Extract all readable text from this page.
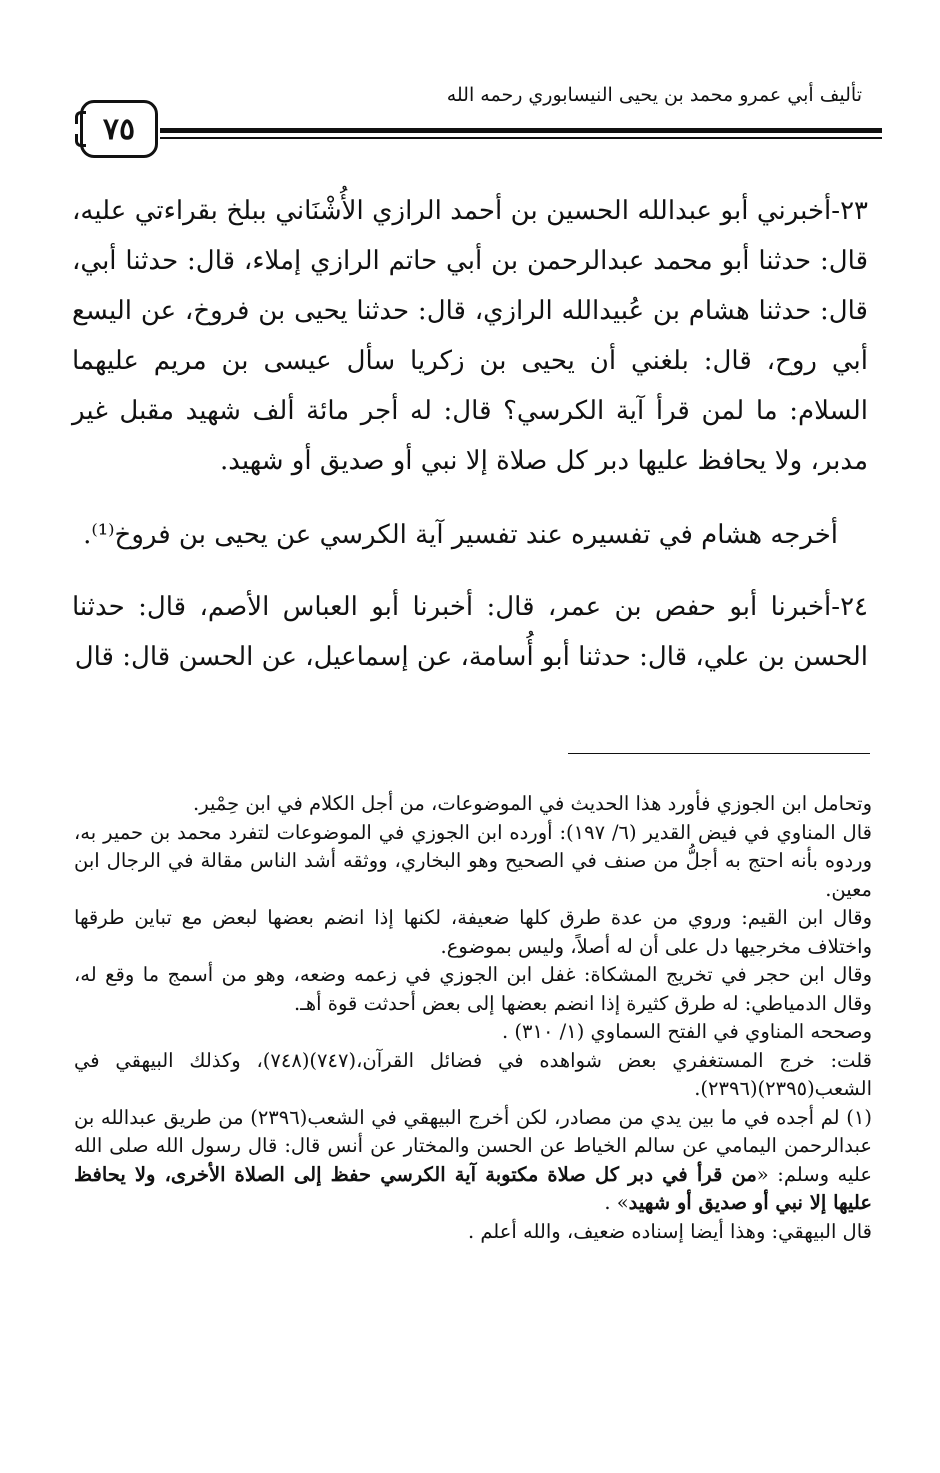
تأليف أبي عمرو محمد بن يحيى النيسابوري رحمه الله
٧٥

٢٣-أخبرني أبو عبدالله الحسين بن أحمد الرازي الأُشْنَاني ببلخ بقراءتي عليه، قال: حدثنا أبو محمد عبدالرحمن بن أبي حاتم الرازي إملاء، قال: حدثنا أبي، قال: حدثنا هشام بن عُبيدالله الرازي، قال: حدثنا يحيى بن فروخ، عن اليسع أبي روح، قال: بلغني أن يحيى بن زكريا سأل عيسى بن مريم عليهما السلام: ما لمن قرأ آية الكرسي؟ قال: له أجر مائة ألف شهيد مقبل غير مدبر، ولا يحافظ عليها دبر كل صلاة إلا نبي أو صديق أو شهيد.

أخرجه هشام في تفسيره عند تفسير آية الكرسي عن يحيى بن فروخ⁽¹⁾.

٢٤-أخبرنا أبو حفص بن عمر، قال: أخبرنا أبو العباس الأصم، قال: حدثنا الحسن بن علي، قال: حدثنا أبو أُسامة، عن إسماعيل، عن الحسن قال: قال

وتحامل ابن الجوزي فأورد هذا الحديث في الموضوعات، من أجل الكلام في ابن حِمْير.

قال المناوي في فيض القدير (٦/ ١٩٧): أورده ابن الجوزي في الموضوعات لتفرد محمد بن حمير به، وردوه بأنه احتج به أجلُّ من صنف في الصحيح وهو البخاري، ووثقه أشد الناس مقالة في الرجال ابن معين.

وقال ابن القيم: وروي من عدة طرق كلها ضعيفة، لكنها إذا انضم بعضها لبعض مع تباين طرقها واختلاف مخرجيها دل على أن له أصلاً، وليس بموضوع.

وقال ابن حجر في تخريج المشكاة: غفل ابن الجوزي في زعمه وضعه، وهو من أسمج ما وقع له، وقال الدمياطي: له طرق كثيرة إذا انضم بعضها إلى بعض أحدثت قوة أهـ.

وصححه المناوي في الفتح السماوي (١/ ٣١٠) .

قلت: خرج المستغفري بعض شواهده في فضائل القرآن،(٧٤٧)(٧٤٨)، وكذلك البيهقي في الشعب(٢٣٩٥)(٢٣٩٦).

(١) لم أجده في ما بين يدي من مصادر، لكن أخرج البيهقي في الشعب(٢٣٩٦) من طريق عبدالله بن عبدالرحمن اليمامي عن سالم الخياط عن الحسن والمختار عن أنس قال: قال رسول الله صلى الله عليه وسلم: «من قرأ في دبر كل صلاة مكتوبة آية الكرسي حفظ إلى الصلاة الأخرى، ولا يحافظ عليها إلا نبي أو صديق أو شهيد» .

قال البيهقي: وهذا أيضا إسناده ضعيف، والله أعلم .
